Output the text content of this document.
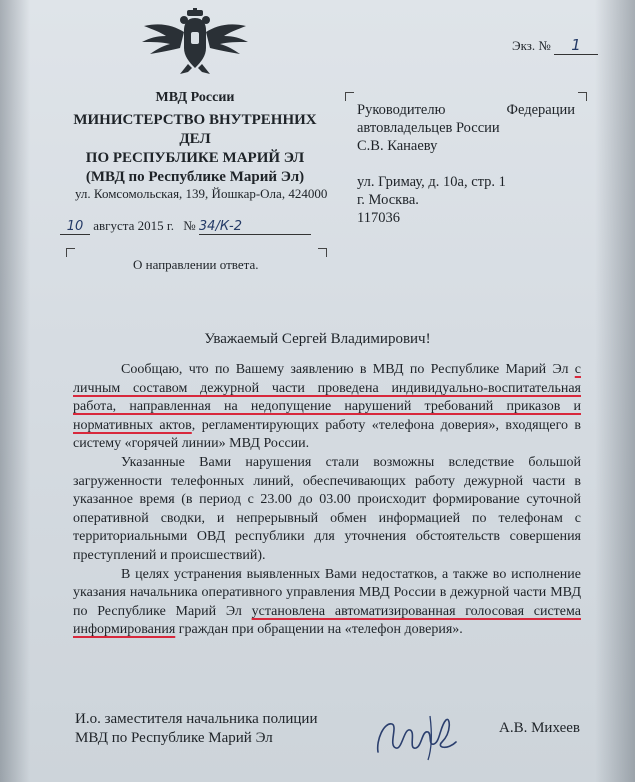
Экз. № 1
МВД России
МИНИСТЕРСТВО ВНУТРЕННИХ ДЕЛ
ПО РЕСПУБЛИКЕ МАРИЙ ЭЛ
(МВД по Республике Марий Эл)
ул. Комсомольская, 139, Йошкар-Ола, 424000
10 августа 2015 г. № 34/К-2
О направлении ответа.
Руководителю Федерации
автовладельцев России
С.В. Канаеву
ул. Гримау, д. 10а, стр. 1
г. Москва.
117036
Уважаемый Сергей Владимирович!

Сообщаю, что по Вашему заявлению в МВД по Республике Марий Эл с личным составом дежурной части проведена индивидуально-воспитательная работа, направленная на недопущение нарушений требований приказов и нормативных актов, регламентирующих работу «телефона доверия», входящего в систему «горячей линии» МВД России.

Указанные Вами нарушения стали возможны вследствие большой загруженности телефонных линий, обеспечивающих работу дежурной части в указанное время (в период с 23.00 до 03.00 происходит формирование суточной оперативной сводки, и непрерывный обмен информацией по телефонам с территориальными ОВД республики для уточнения обстоятельств совершения преступлений и происшествий).

В целях устранения выявленных Вами недостатков, а также во исполнение указания начальника оперативного управления МВД России в дежурной части МВД по Республике Марий Эл установлена автоматизированная голосовая система информирования граждан при обращении на «телефон доверия».

И.о. заместителя начальника полиции
МВД по Республике Марий Эл
А.В. Михеев
